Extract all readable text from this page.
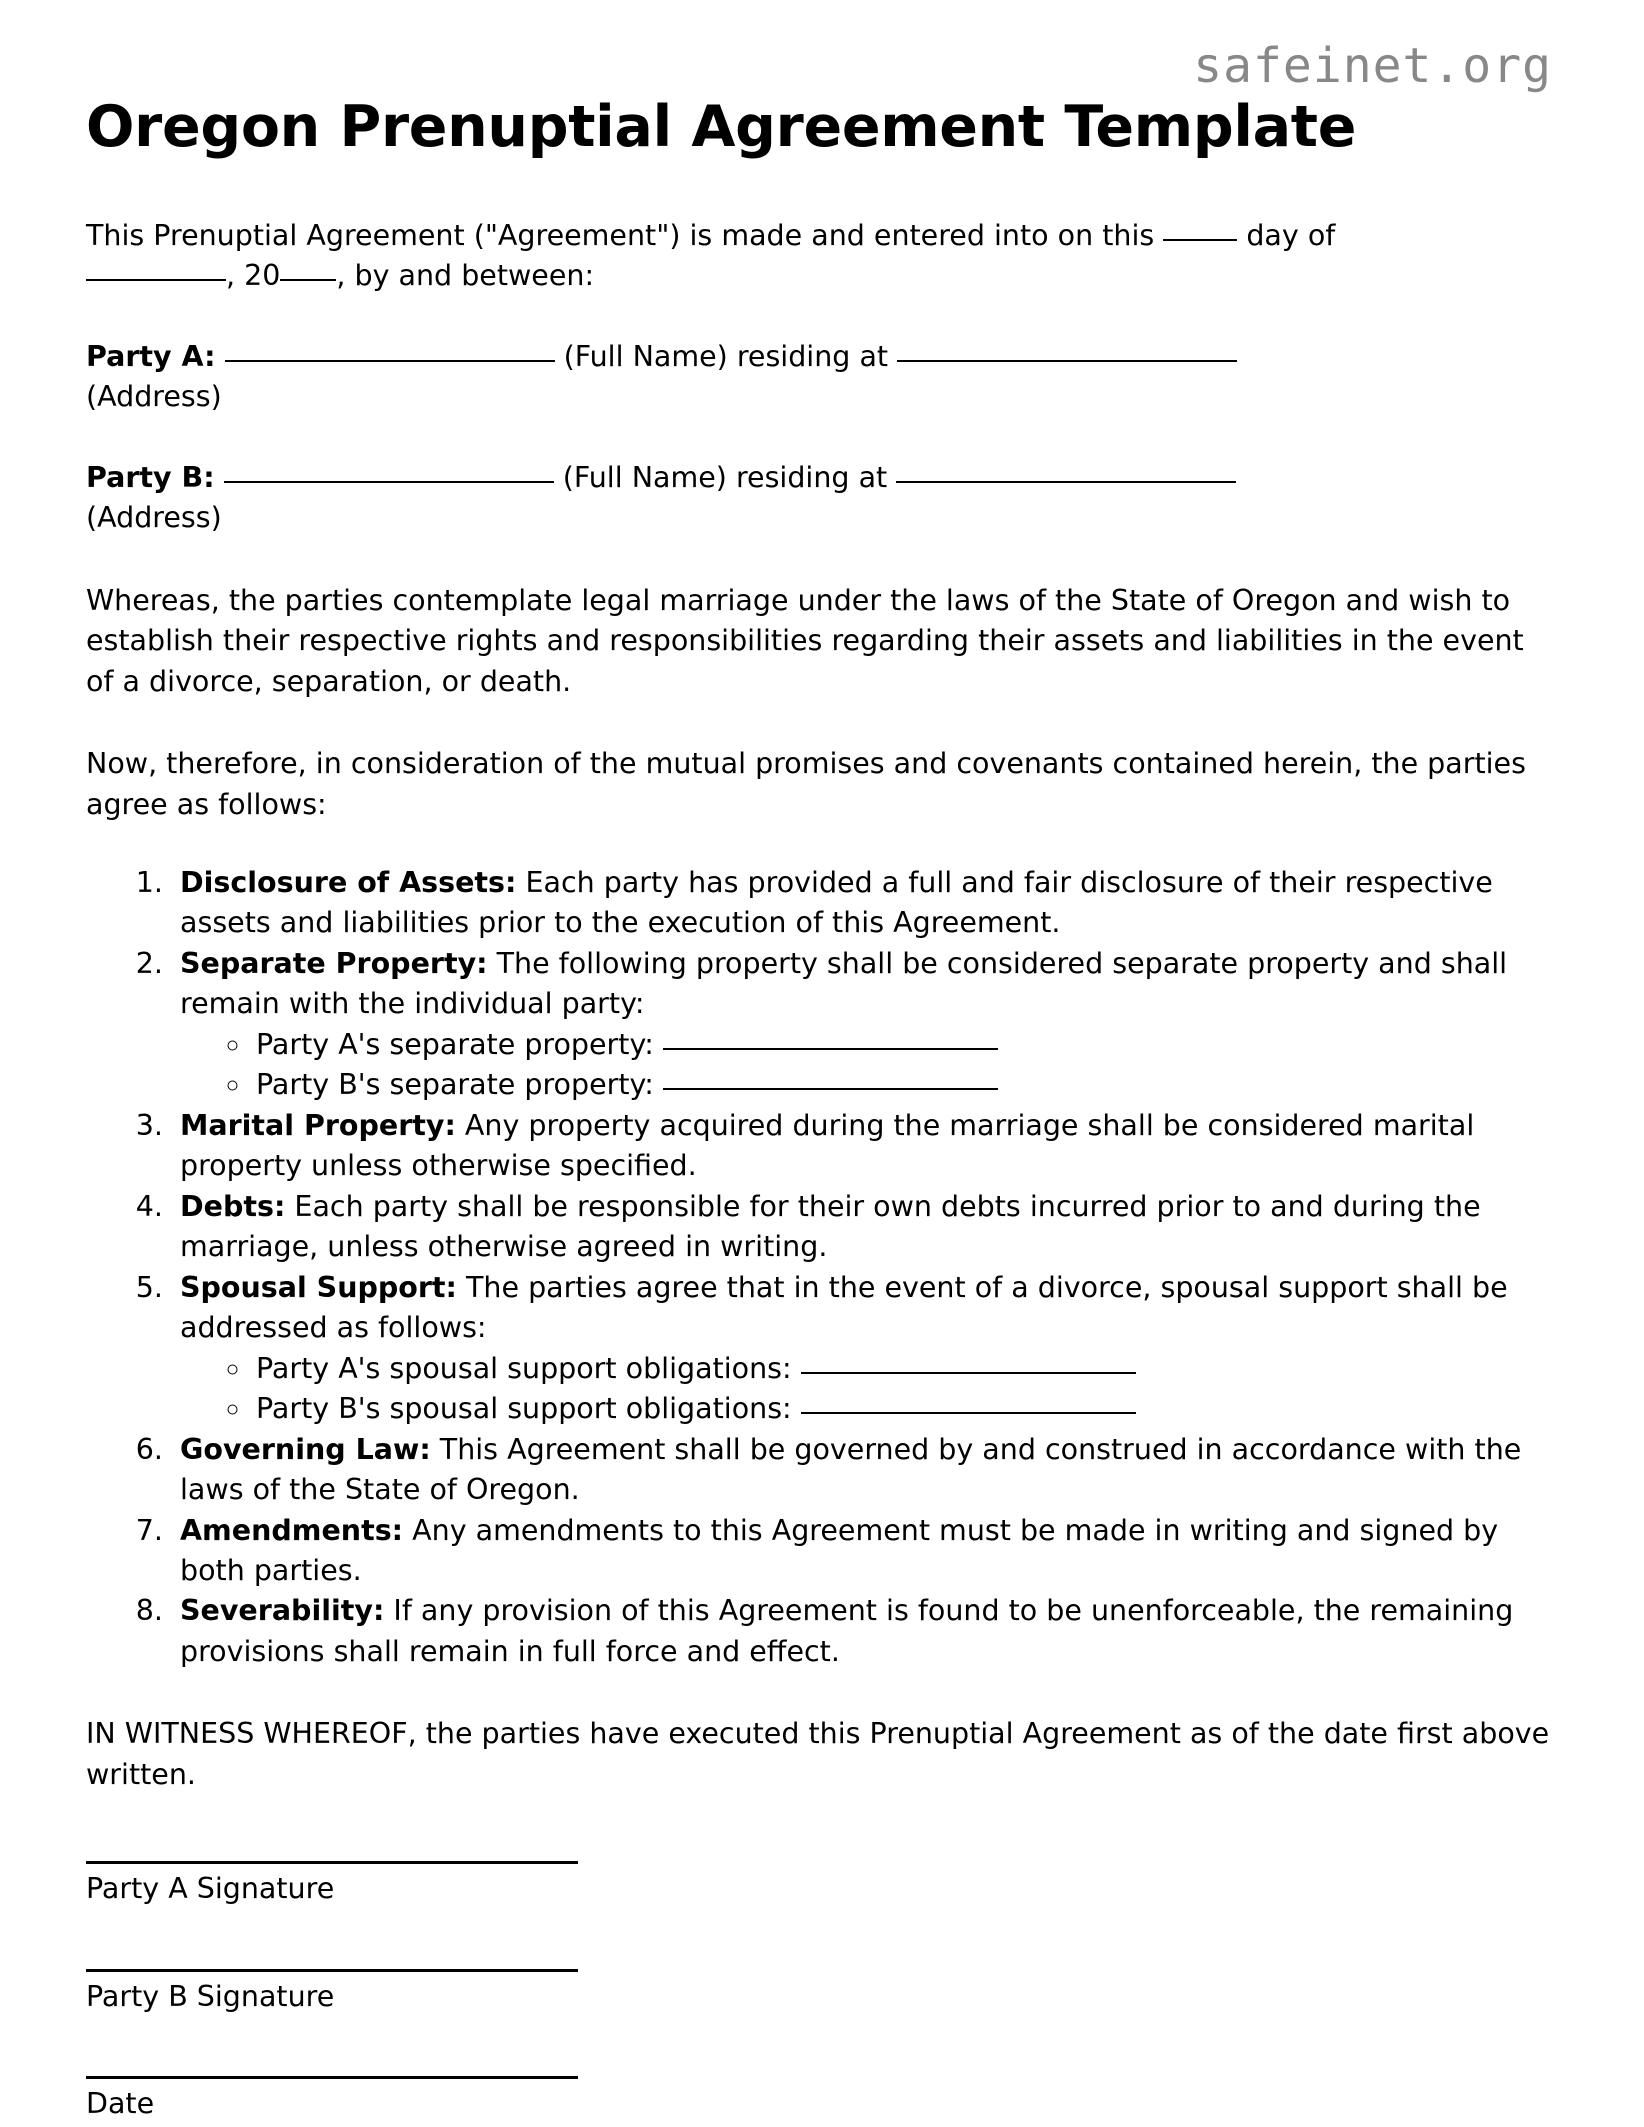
safeinet.org
Oregon Prenuptial Agreement Template

This Prenuptial Agreement ("Agreement") is made and entered into on this	day of
, 20 , by and between:

Party A:	(Full Name) residing at
(Address)

Party B:	(Full Name) residing at
(Address)

Whereas, the parties contemplate legal marriage under the laws of the State of Oregon and wish to establish their respective rights and responsibilities regarding their assets and liabilities in the event of a divorce, separation, or death.

Now, therefore, in consideration of the mutual promises and covenants contained herein, the parties agree as follows:

1. Disclosure of Assets: Each party has provided a full and fair disclosure of their respective assets and liabilities prior to the execution of this Agreement.
2. Separate Property: The following property shall be considered separate property and shall remain with the individual party:
◦ Party A's separate property:
◦ Party B's separate property:
3. Marital Property: Any property acquired during the marriage shall be considered marital property unless otherwise specified.
4. Debts: Each party shall be responsible for their own debts incurred prior to and during the marriage, unless otherwise agreed in writing.
5. Spousal Support: The parties agree that in the event of a divorce, spousal support shall be addressed as follows:
◦ Party A's spousal support obligations:
◦ Party B's spousal support obligations:
6. Governing Law: This Agreement shall be governed by and construed in accordance with the laws of the State of Oregon.
7. Amendments: Any amendments to this Agreement must be made in writing and signed by both parties.
8. Severability: If any provision of this Agreement is found to be unenforceable, the remaining provisions shall remain in full force and effect.

IN WITNESS WHEREOF, the parties have executed this Prenuptial Agreement as of the date first above written.

Party A Signature

Party B Signature

Date
